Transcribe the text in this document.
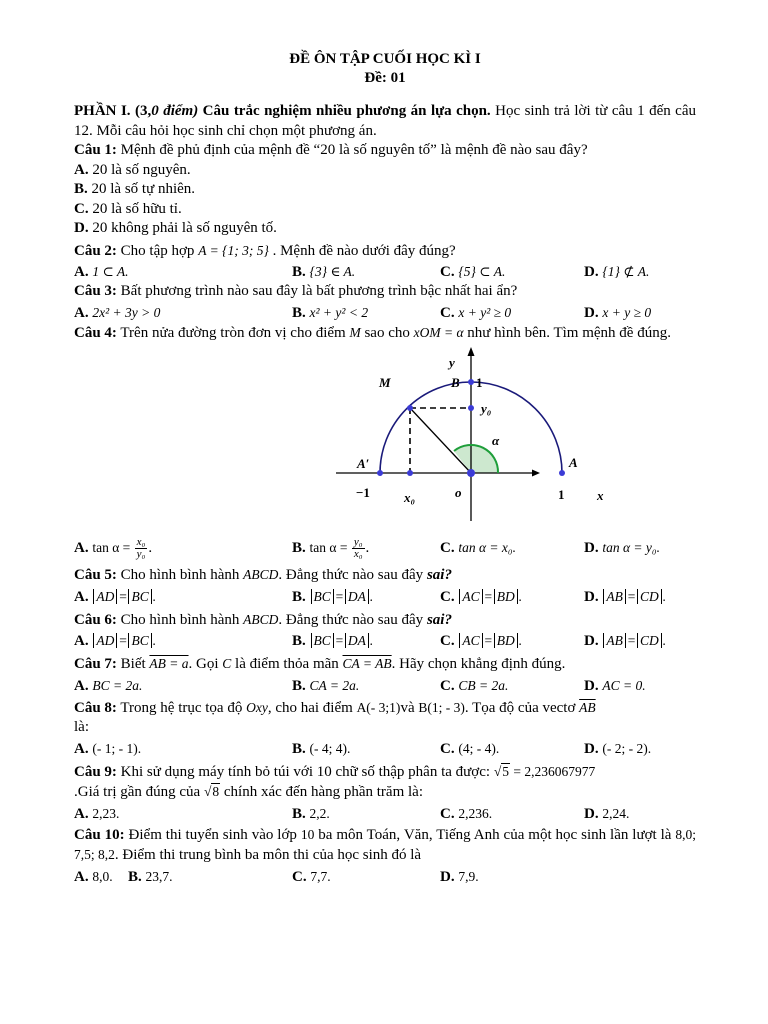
ĐỀ ÔN TẬP CUỐI HỌC KÌ I
Đề: 01
PHẦN I. (3,0 điểm) Câu trắc nghiệm nhiều phương án lựa chọn. Học sinh trả lời từ câu 1 đến câu 12. Mỗi câu hỏi học sinh chỉ chọn một phương án.
Câu 1: Mệnh đề phủ định của mệnh đề “20 là số nguyên tố” là mệnh đề nào sau đây?
A. 20 là số nguyên.
B. 20 là số tự nhiên.
C. 20 là số hữu tỉ.
D. 20 không phải là số nguyên tố.
Câu 2: Cho tập hợp A = {1; 3; 5} . Mệnh đề nào dưới đây đúng?
A. 1 ⊂ A.	B. {3} ∈ A.	C. {5} ⊂ A.	D. {1} ⊄ A.
Câu 3: Bất phương trình nào sau đây là bất phương trình bậc nhất hai ẩn?
A. 2x² + 3y > 0	B. x² + y² < 2	C. x + y² ≥ 0	D. x + y ≥ 0
Câu 4: Trên nửa đường tròn đơn vị cho điểm M sao cho xOM = α như hình bên. Tìm mệnh đề đúng.
y
M	B 1
y₀
α
A′	A
−1	x₀	o	1	x
A. $\tan \alpha = \frac{\text{x₀}}{\text{y₀}}$ .	B. $\tan \alpha = \frac{\text{y₀}}{\text{x₀}}$ .	C. tan α = x₀.	D. tan α = y₀.
Câu 5: Cho hình bình hành ABCD. Đẳng thức nào sau đây sai?
A. AD = BC .	B. BC = DA .	C. AC = BD .	D. AB = CD .
Câu 6: Cho hình bình hành ABCD. Đẳng thức nào sau đây sai?
A. AD = BC .	B. BC = DA .	C. AC = BD .	D. AB = CD .
Câu 7: Biết AB = a. Gọi C là điểm thỏa mãn CA = AB. Hãy chọn khẳng định đúng.
A. BC = 2a.	B. CA = 2a.	C. CB = 2a.	D. AC = 0.
Câu 8: Trong hệ trục tọa độ Oxy, cho hai điểm A(- 3;1)và B(1; - 3). Tọa độ của vectơ $\overline{AB}$
là:
A. (- 1; - 1).	B. (- 4; 4).	C. (4; - 4).	D. (- 2; - 2).
Câu 9: Khi sử dụng máy tính bỏ túi với 10 chữ số thập phân ta được: √5 = 2,236067977
.Giá trị gần đúng của √8 chính xác đến hàng phần trăm là:
A. 2,23.	B. 2,2.	C. 2,236.	D. 2,24.
Câu 10: Điểm thi tuyển sinh vào lớp 10 ba môn Toán, Văn, Tiếng Anh của một học sinh lần lượt là 8,0; 7,5; 8,2. Điểm thi trung bình ba môn thi của học sinh đó là
A. 8,0. B. 23,7.	C. 7,7.	D. 7,9.
